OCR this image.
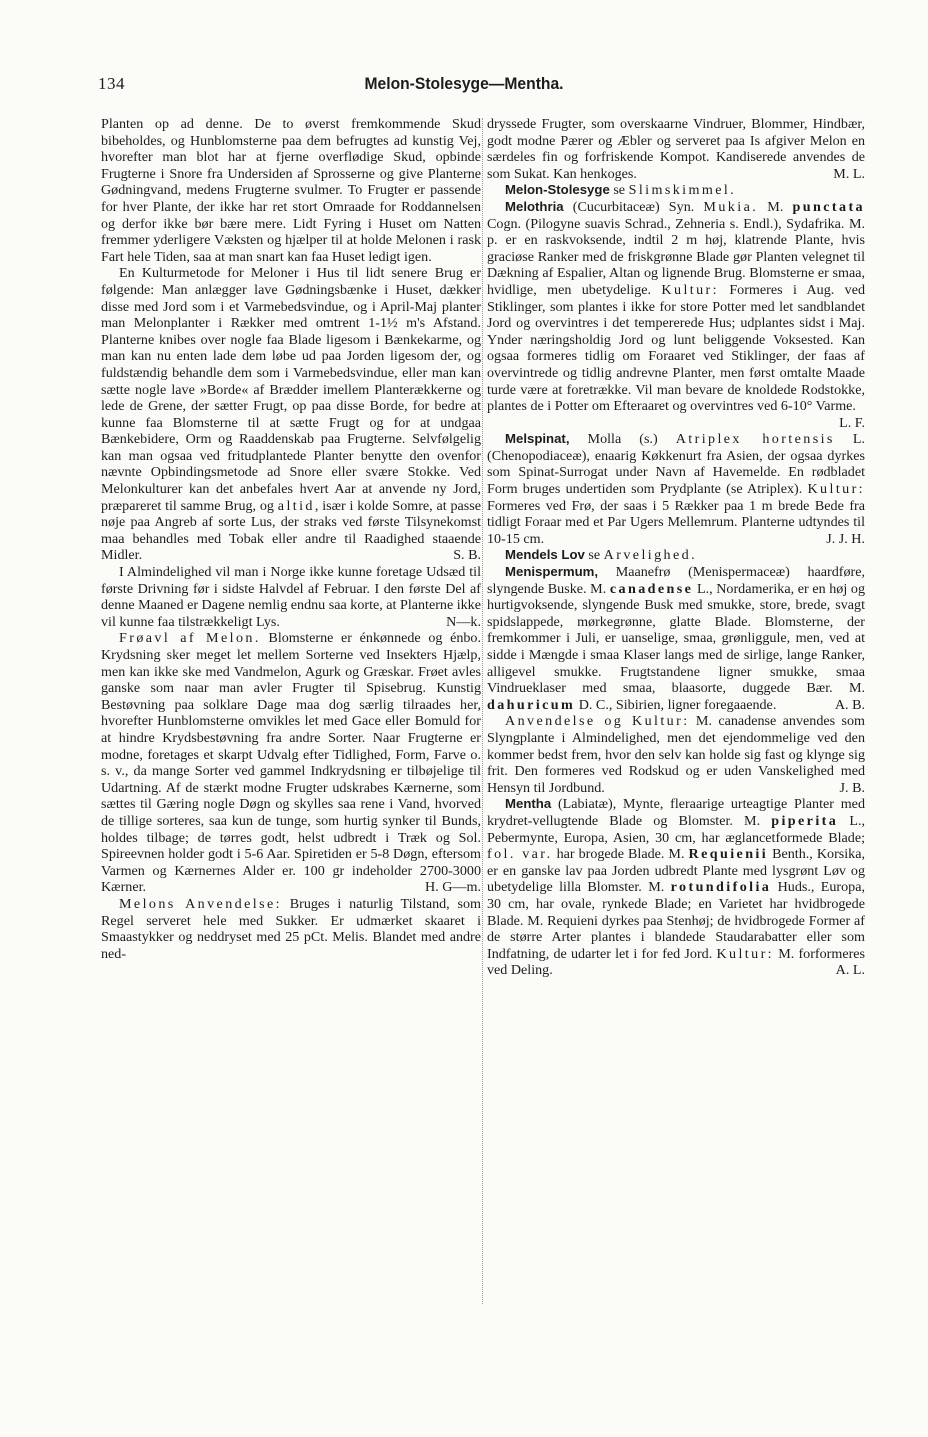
134	Melon-Stolesyge—Mentha.

Planten op ad denne. De to øverst fremkommende Skud bibeholdes, og Hunblomsterne paa dem befrugtes ad kunstig Vej, hvorefter man blot har at fjerne overflødige Skud, opbinde Frugterne i Snore fra Undersiden af Sprosserne og give Planterne Gødningvand, medens Frugterne svulmer. To Frugter er passende for hver Plante, der ikke har ret stort Omraade for Roddannelsen og derfor ikke bør bære mere. Lidt Fyring i Huset om Natten fremmer yderligere Væksten og hjælper til at holde Melonen i rask Fart hele Tiden, saa at man snart kan faa Huset ledigt igen.

En Kulturmetode for Meloner i Hus til lidt senere Brug er følgende: Man anlægger lave Gødningsbænke i Huset, dækker disse med Jord som i et Varmebedsvindue, og i April-Maj planter man Melonplanter i Rækker med omtrent 1-1½ m's Afstand. Planterne knibes over nogle faa Blade ligesom i Bænkekarme, og man kan nu enten lade dem løbe ud paa Jorden ligesom der, og fuldstændig behandle dem som i Varmebedsvindue, eller man kan sætte nogle lave »Borde« af Brædder imellem Planterækkerne og lede de Grene, der sætter Frugt, op paa disse Borde, for bedre at kunne faa Blomsterne til at sætte Frugt og for at undgaa Bænkebidere, Orm og Raaddenskab paa Frugterne. Selvfølgelig kan man ogsaa ved fritudplantede Planter benytte den ovenfor nævnte Opbindingsmetode ad Snore eller svære Stokke. Ved Melonkulturer kan det anbefales hvert Aar at anvende ny Jord, præpareret til samme Brug, og altid, især i kolde Somre, at passe nøje paa Angreb af sorte Lus, der straks ved første Tilsynekomst maa behandles med Tobak eller andre til Raadighed staaende Midler.	S. B.

I Almindelighed vil man i Norge ikke kunne foretage Udsæd til første Drivning før i sidste Halvdel af Februar. I den første Del af denne Maaned er Dagene nemlig endnu saa korte, at Planterne ikke vil kunne faa tilstrækkeligt Lys.	N—k.

Frøavl af Melon. Blomsterne er énkønnede og énbo. Krydsning sker meget let mellem Sorterne ved Insekters Hjælp, men kan ikke ske med Vandmelon, Agurk og Græskar. Frøet avles ganske som naar man avler Frugter til Spisebrug. Kunstig Bestøvning paa solklare Dage maa dog særlig tilraades her, hvorefter Hunblomsterne omvikles let med Gace eller Bomuld for at hindre Krydsbestøvning fra andre Sorter. Naar Frugterne er modne, foretages et skarpt Udvalg efter Tidlighed, Form, Farve o. s. v., da mange Sorter ved gammel Indkrydsning er tilbøjelige til Udartning. Af de stærkt modne Frugter udskrabes Kærnerne, som sættes til Gæring nogle Døgn og skylles saa rene i Vand, hvorved de tillige sorteres, saa kun de tunge, som hurtig synker til Bunds, holdes tilbage; de tørres godt, helst udbredt i Træk og Sol. Spireevnen holder godt i 5-6 Aar. Spiretiden er 5-8 Døgn, eftersom Varmen og Kærnernes Alder er. 100 gr indeholder 2700-3000 Kærner.	H. G—m.

Melons Anvendelse: Bruges i naturlig Tilstand, som Regel serveret hele med Sukker. Er udmærket skaaret i Smaastykker og neddryset med 25 pCt. Melis. Blandet med andre ned-

dryssede Frugter, som overskaarne Vindruer, Blommer, Hindbær, godt modne Pærer og Æbler og serveret paa Is afgiver Melon en særdeles fin og forfriskende Kompot. Kandiserede anvendes de som Sukat. Kan henkoges.	M. L.

Melon-Stolesyge se Slimskimmel.

Melothria (Cucurbitaceæ) Syn. Mukia. M. punctata Cogn. (Pilogyne suavis Schrad., Zehneria s. Endl.), Sydafrika. M. p. er en raskvoksende, indtil 2 m høj, klatrende Plante, hvis graciøse Ranker med de friskgrønne Blade gør Planten velegnet til Dækning af Espalier, Altan og lignende Brug. Blomsterne er smaa, hvidlige, men ubetydelige. Kultur: Formeres i Aug. ved Stiklinger, som plantes i ikke for store Potter med let sandblandet Jord og overvintres i det tempererede Hus; udplantes sidst i Maj. Ynder næringsholdig Jord og lunt beliggende Voksested. Kan ogsaa formeres tidlig om Foraaret ved Stiklinger, der faas af overvintrede og tidlig andrevne Planter, men først omtalte Maade turde være at foretrække. Vil man bevare de knoldede Rodstokke, plantes de i Potter om Efteraaret og overvintres ved 6-10° Varme.
L. F.

Melspinat, Molla (s.) Atriplex hortensis L. (Chenopodiaceæ), enaarig Køkkenurt fra Asien, der ogsaa dyrkes som Spinat-Surrogat under Navn af Havemelde. En rødbladet Form bruges undertiden som Prydplante (se Atriplex). Kultur: Formeres ved Frø, der saas i 5 Rækker paa 1 m brede Bede fra tidligt Foraar med et Par Ugers Mellemrum. Planterne udtyndes til 10-15 cm.	J. J. H.

Mendels Lov se Arvelighed.

Menispermum, Maanefrø (Menispermaceæ) haardføre, slyngende Buske. M. canadense L., Nordamerika, er en høj og hurtigvoksende, slyngende Busk med smukke, store, brede, svagt spidslappede, mørkegrønne, glatte Blade. Blomsterne, der fremkommer i Juli, er uanselige, smaa, grønliggule, men, ved at sidde i Mængde i smaa Klaser langs med de sirlige, lange Ranker, alligevel smukke. Frugtstandene ligner smukke, smaa Vindrueklaser med smaa, blaasorte, duggede Bær. M. dahuricum D. C., Sibirien, ligner foregaaende.	A. B.

Anvendelse og Kultur: M. canadense anvendes som Slyngplante i Almindelighed, men det ejendommelige ved den kommer bedst frem, hvor den selv kan holde sig fast og klynge sig frit. Den formeres ved Rodskud og er uden Vanskelighed med Hensyn til Jordbund.	J. B.

Mentha (Labiatæ), Mynte, fleraarige urteagtige Planter med krydret-vellugtende Blade og Blomster. M. piperita L., Pebermynte, Europa, Asien, 30 cm, har æglancetformede Blade; fol. var. har brogede Blade. M. Requienii Benth., Korsika, er en ganske lav paa Jorden udbredt Plante med lysgrønt Løv og ubetydelige lilla Blomster. M. rotundifolia Huds., Europa, 30 cm, har ovale, rynkede Blade; en Varietet har hvidbrogede Blade. M. Requieni dyrkes paa Stenhøj; de hvidbrogede Former af de større Arter plantes i blandede Staudarabatter eller som Indfatning, de udarter let i for fed Jord. Kultur: M. forformeres ved Deling.	A. L.
